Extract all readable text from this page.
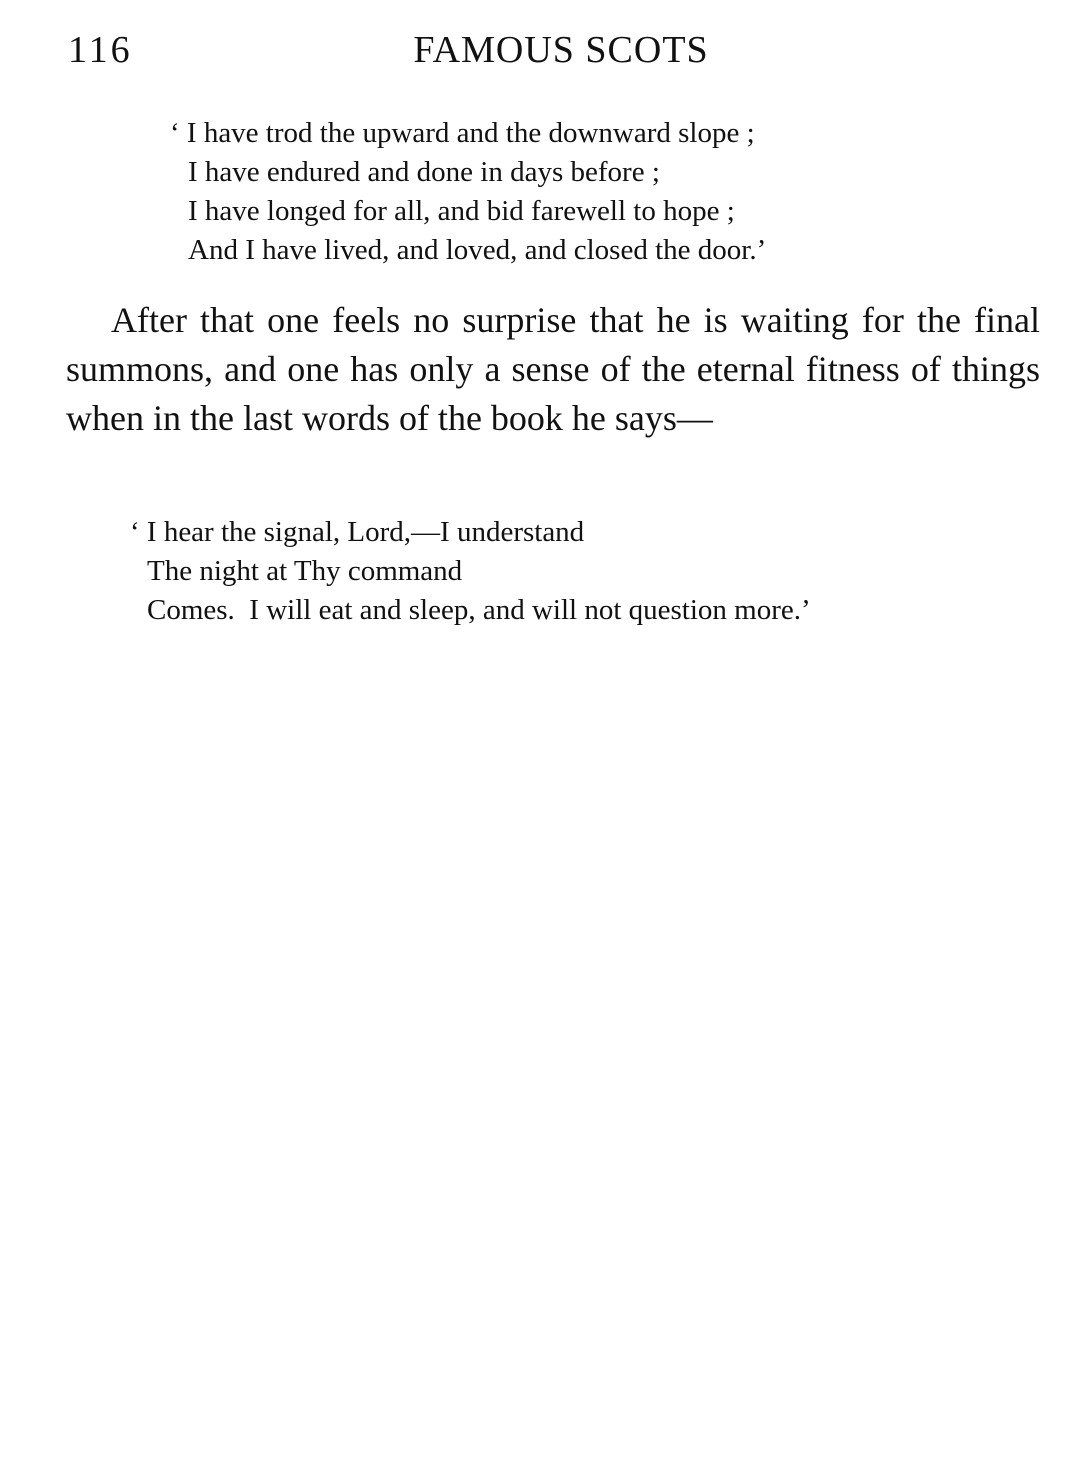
116	FAMOUS SCOTS
‘ I have trod the upward and the downward slope ;
I have endured and done in days before ;
I have longed for all, and bid farewell to hope ;
And I have lived, and loved, and closed the door.’

After that one feels no surprise that he is waiting for the final summons, and one has only a sense of the eternal fitness of things when in the last words of the book he says—

‘ I hear the signal, Lord,—I understand
The night at Thy command
Comes.  I will eat and sleep, and will not question more.’
